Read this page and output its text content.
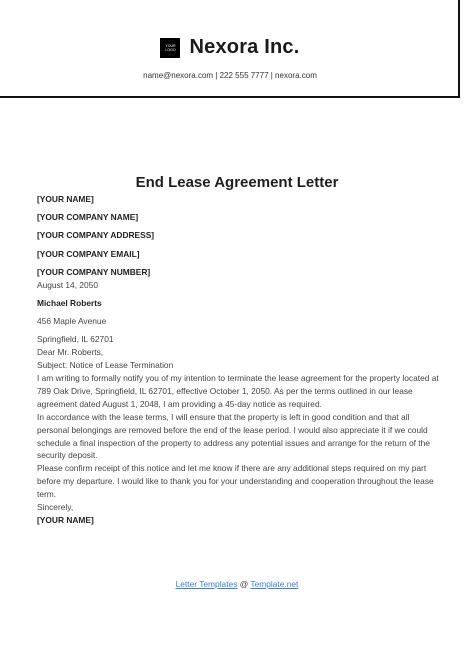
YOUR LOGO Nexora Inc.
name@nexora.com | 222 555 7777 | nexora.com
End Lease Agreement Letter

[YOUR NAME]

[YOUR COMPANY NAME]

[YOUR COMPANY ADDRESS]

[YOUR COMPANY EMAIL]

[YOUR COMPANY NUMBER]

August 14, 2050

Michael Roberts

456 Maple Avenue

Springfield, IL 62701

Dear Mr. Roberts,

Subject: Notice of Lease Termination

I am writing to formally notify you of my intention to terminate the lease agreement for the property located at 789 Oak Drive, Springfield, IL 62701, effective October 1, 2050. As per the terms outlined in our lease agreement dated August 1, 2048, I am providing a 45-day notice as required.

In accordance with the lease terms, I will ensure that the property is left in good condition and that all personal belongings are removed before the end of the lease period. I would also appreciate it if we could schedule a final inspection of the property to address any potential issues and arrange for the return of the security deposit.

Please confirm receipt of this notice and let me know if there are any additional steps required on my part before my departure. I would like to thank you for your understanding and cooperation throughout the lease term.

Sincerely,

[YOUR NAME]

Letter Templates @ Template.net
